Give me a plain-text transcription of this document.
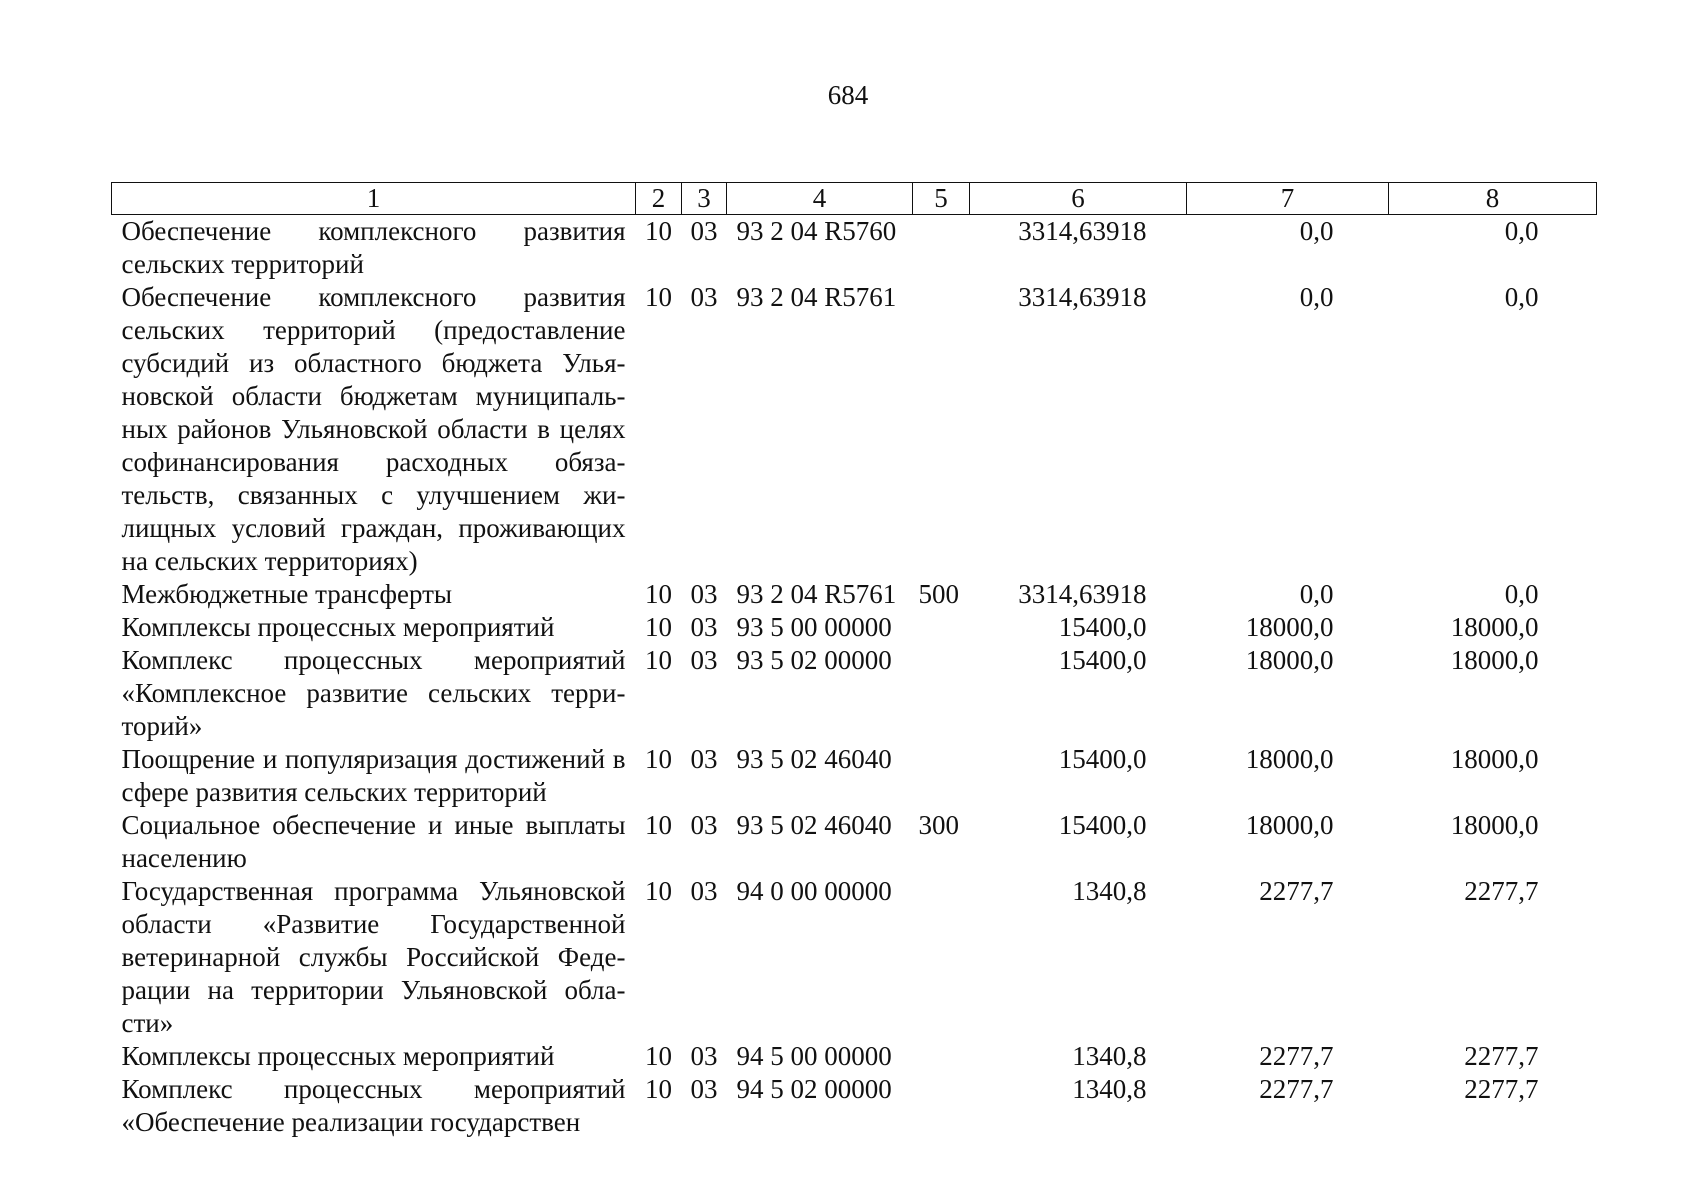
684
1	2	3	4	5	6	7	8
Обеспечение комплексного развития сельских территорий	10	03	93 2 04 R5760		3314,63918	0,0	0,0
Обеспечение комплексного развития сельских территорий (предоставление субсидий из областного бюджета Ульяновской области бюджетам муниципальных районов Ульяновской области в целях софинансирования расходных обязательств, связанных с улучшением жилищных условий граждан, проживающих на сельских территориях)	10	03	93 2 04 R5761		3314,63918	0,0	0,0
Межбюджетные трансферты	10	03	93 2 04 R5761	500	3314,63918	0,0	0,0
Комплексы процессных мероприятий	10	03	93 5 00 00000		15400,0	18000,0	18000,0
Комплекс процессных мероприятий «Комплексное развитие сельских территорий»	10	03	93 5 02 00000		15400,0	18000,0	18000,0
Поощрение и популяризация достижений в сфере развития сельских территорий	10	03	93 5 02 46040		15400,0	18000,0	18000,0
Социальное обеспечение и иные выплаты населению	10	03	93 5 02 46040	300	15400,0	18000,0	18000,0
Государственная программа Ульяновской области «Развитие Государственной ветеринарной службы Российской Федерации на территории Ульяновской области»	10	03	94 0 00 00000		1340,8	2277,7	2277,7
Комплексы процессных мероприятий	10	03	94 5 00 00000		1340,8	2277,7	2277,7
Комплекс процессных мероприятий «Обеспечение реализации государствен	10	03	94 5 02 00000		1340,8	2277,7	2277,7
